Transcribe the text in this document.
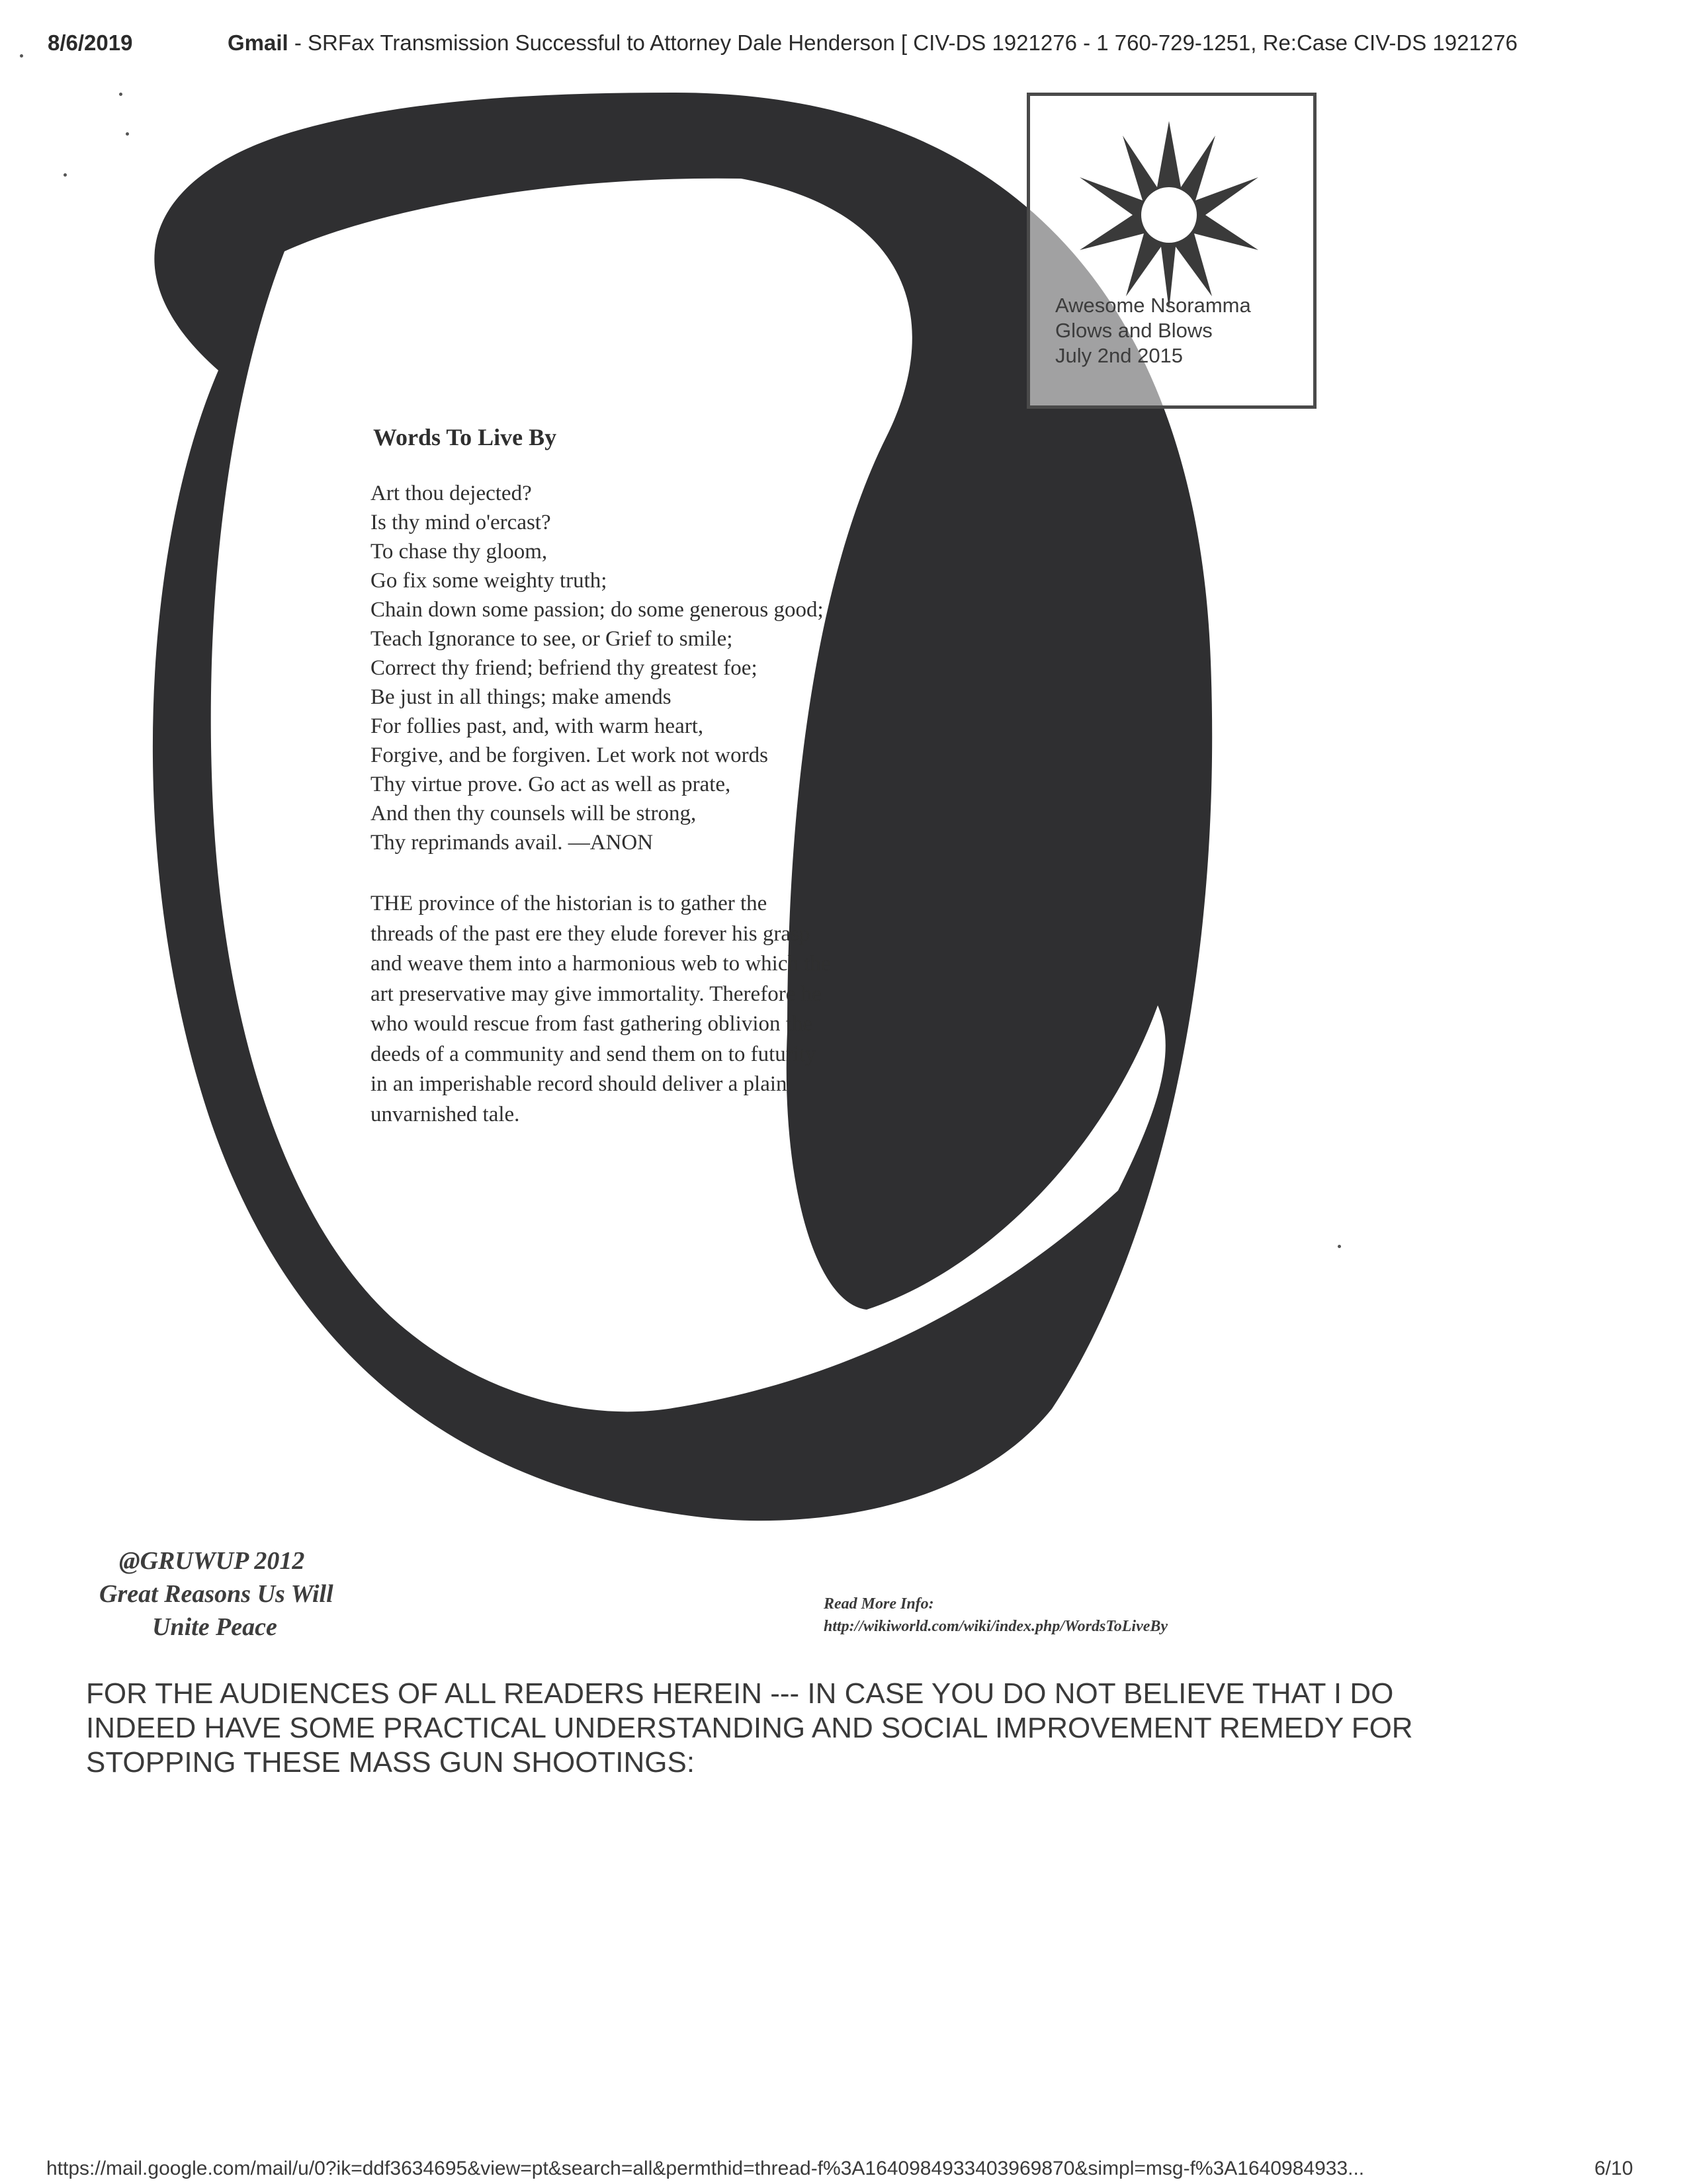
8/6/2019	Gmail - SRFax Transmission Successful to Attorney Dale Henderson [ CIV-DS 1921276 - 1 760-729-1251, Re:Case CIV-DS 1921276
Awesome Nsoramma
Glows and Blows
July 2nd 2015
Words To Live By
Art thou dejected?
Is thy mind o'ercast?
To chase thy gloom,
Go fix some weighty truth;
Chain down some passion; do some generous good;
Teach Ignorance to see, or Grief to smile;
Correct thy friend; befriend thy greatest foe;
Be just in all things; make amends
For follies past, and, with warm heart,
Forgive, and be forgiven. Let work not words
Thy virtue prove. Go act as well as prate,
And then thy counsels will be strong,
Thy reprimands avail. —ANON
THE province of the historian is to gather the
threads of the past ere they elude forever his grasp
and weave them into a harmonious web to which the
art preservative may give immortality. Therefore he
who would rescue from fast gathering oblivion the
deeds of a community and send them on to futurity
in an imperishable record should deliver a plain
unvarnished tale.
@GRUWUP 2012
Great Reasons Us Will
Unite Peace
Read More Info:
http://wikiworld.com/wiki/index.php/WordsToLiveBy
FOR THE AUDIENCES OF ALL READERS HEREIN --- IN CASE YOU DO NOT BELIEVE THAT I DO
INDEED HAVE SOME PRACTICAL UNDERSTANDING AND SOCIAL IMPROVEMENT REMEDY FOR
STOPPING THESE MASS GUN SHOOTINGS:
https://mail.google.com/mail/u/0?ik=ddf3634695&view=pt&search=all&permthid=thread-f%3A1640984933403969870&simpl=msg-f%3A1640984933...	6/10
